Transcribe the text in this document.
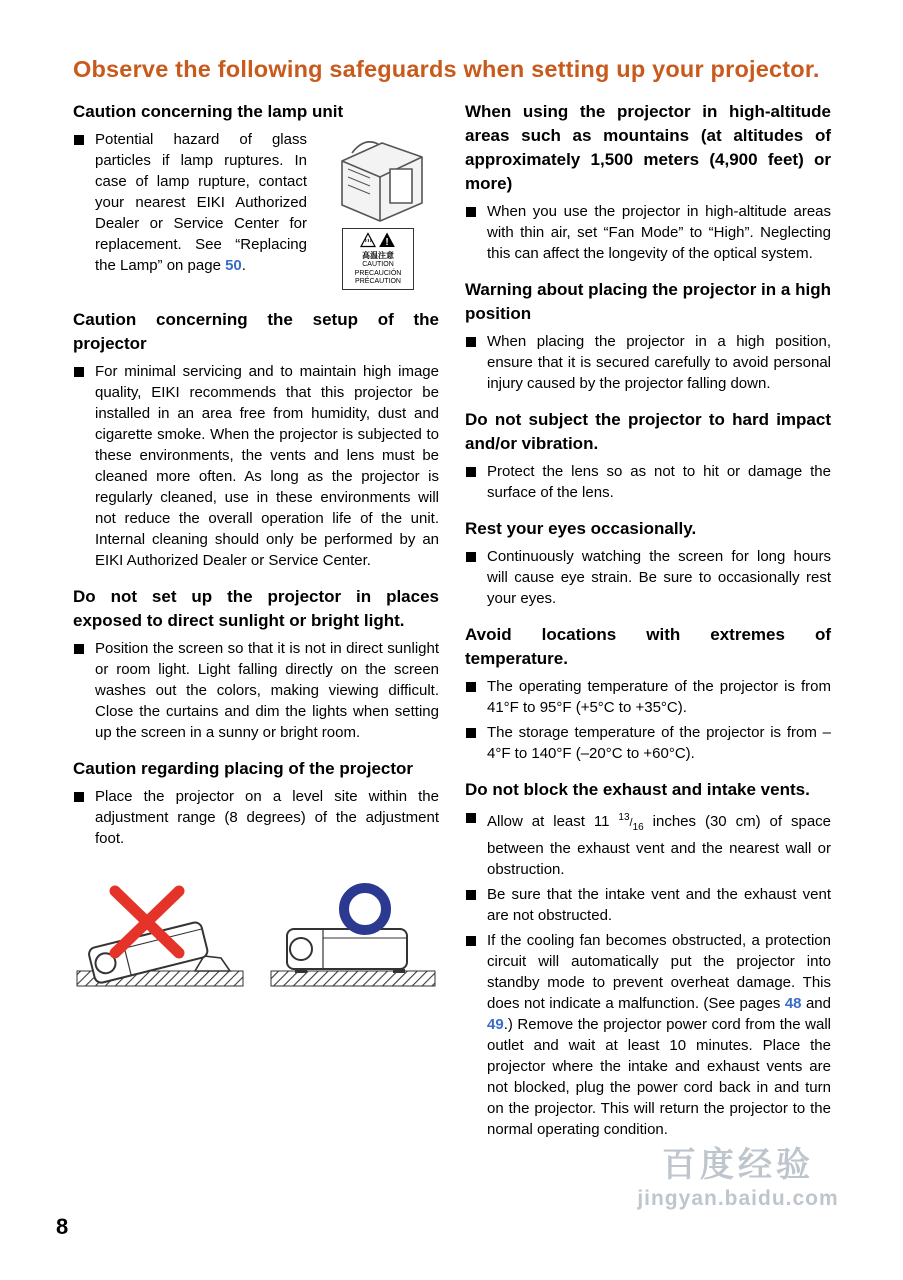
Observe the following safeguards when setting up your projector.
Caution concerning the lamp unit
!
高温注意
CAUTION
PRECAUCIÓN
PRÉCAUTION
Potential hazard of glass particles if lamp ruptures. In case of lamp rupture, contact your nearest EIKI Authorized Dealer or Service Center for replacement. See “Replacing the Lamp” on page 50.
Caution concerning the setup of the projector
For minimal servicing and to maintain high image quality, EIKI recommends that this projector be installed in an area free from humidity, dust and cigarette smoke. When the projector is subjected to these environments, the vents and lens must be cleaned more often. As long as the projector is regularly cleaned, use in these environments will not reduce the overall operation life of the unit. Internal cleaning should only be performed by an EIKI Authorized Dealer or Service Center.
Do not set up the projector in places exposed to direct sunlight or bright light.
Position the screen so that it is not in direct sunlight or room light. Light falling directly on the screen washes out the colors, making viewing difficult. Close the curtains and dim the lights when setting up the screen in a sunny or bright room.
Caution regarding placing of the projector
Place the projector on a level site within the adjustment range (8 degrees) of the adjustment foot.
When using the projector in high-altitude areas such as mountains (at altitudes of approximately 1,500 meters (4,900 feet) or more)
When you use the projector in high-altitude areas with thin air, set “Fan Mode” to “High”. Neglecting this can affect the longevity of the optical system.
Warning about placing the projector in a high position
When placing the projector in a high position, ensure that it is secured carefully to avoid personal injury caused by the projector falling down.
Do not subject the projector to hard impact and/or vibration.
Protect the lens so as not to hit or damage the surface of the lens.
Rest your eyes occasionally.
Continuously watching the screen for long hours will cause eye strain. Be sure to occasionally rest your eyes.
Avoid locations with extremes of temperature.
The operating temperature of the projector is from 41°F to 95°F (+5°C to +35°C).
The storage temperature of the projector is from –4°F to 140°F (–20°C to +60°C).
Do not block the exhaust and intake vents.
Allow at least 11 $^{13}/_{16}$ inches (30 cm) of space between the exhaust vent and the nearest wall or obstruction.
Be sure that the intake vent and the exhaust vent are not obstructed.
If the cooling fan becomes obstructed, a protection circuit will automatically put the projector into standby mode to prevent overheat damage. This does not indicate a malfunction. (See pages 48 and 49.) Remove the projector power cord from the wall outlet and wait at least 10 minutes. Place the projector where the intake and exhaust vents are not blocked, plug the power cord back in and turn on the projector. This will return the projector to the normal operating condition.
8
百度经验
jingyan.baidu.com
